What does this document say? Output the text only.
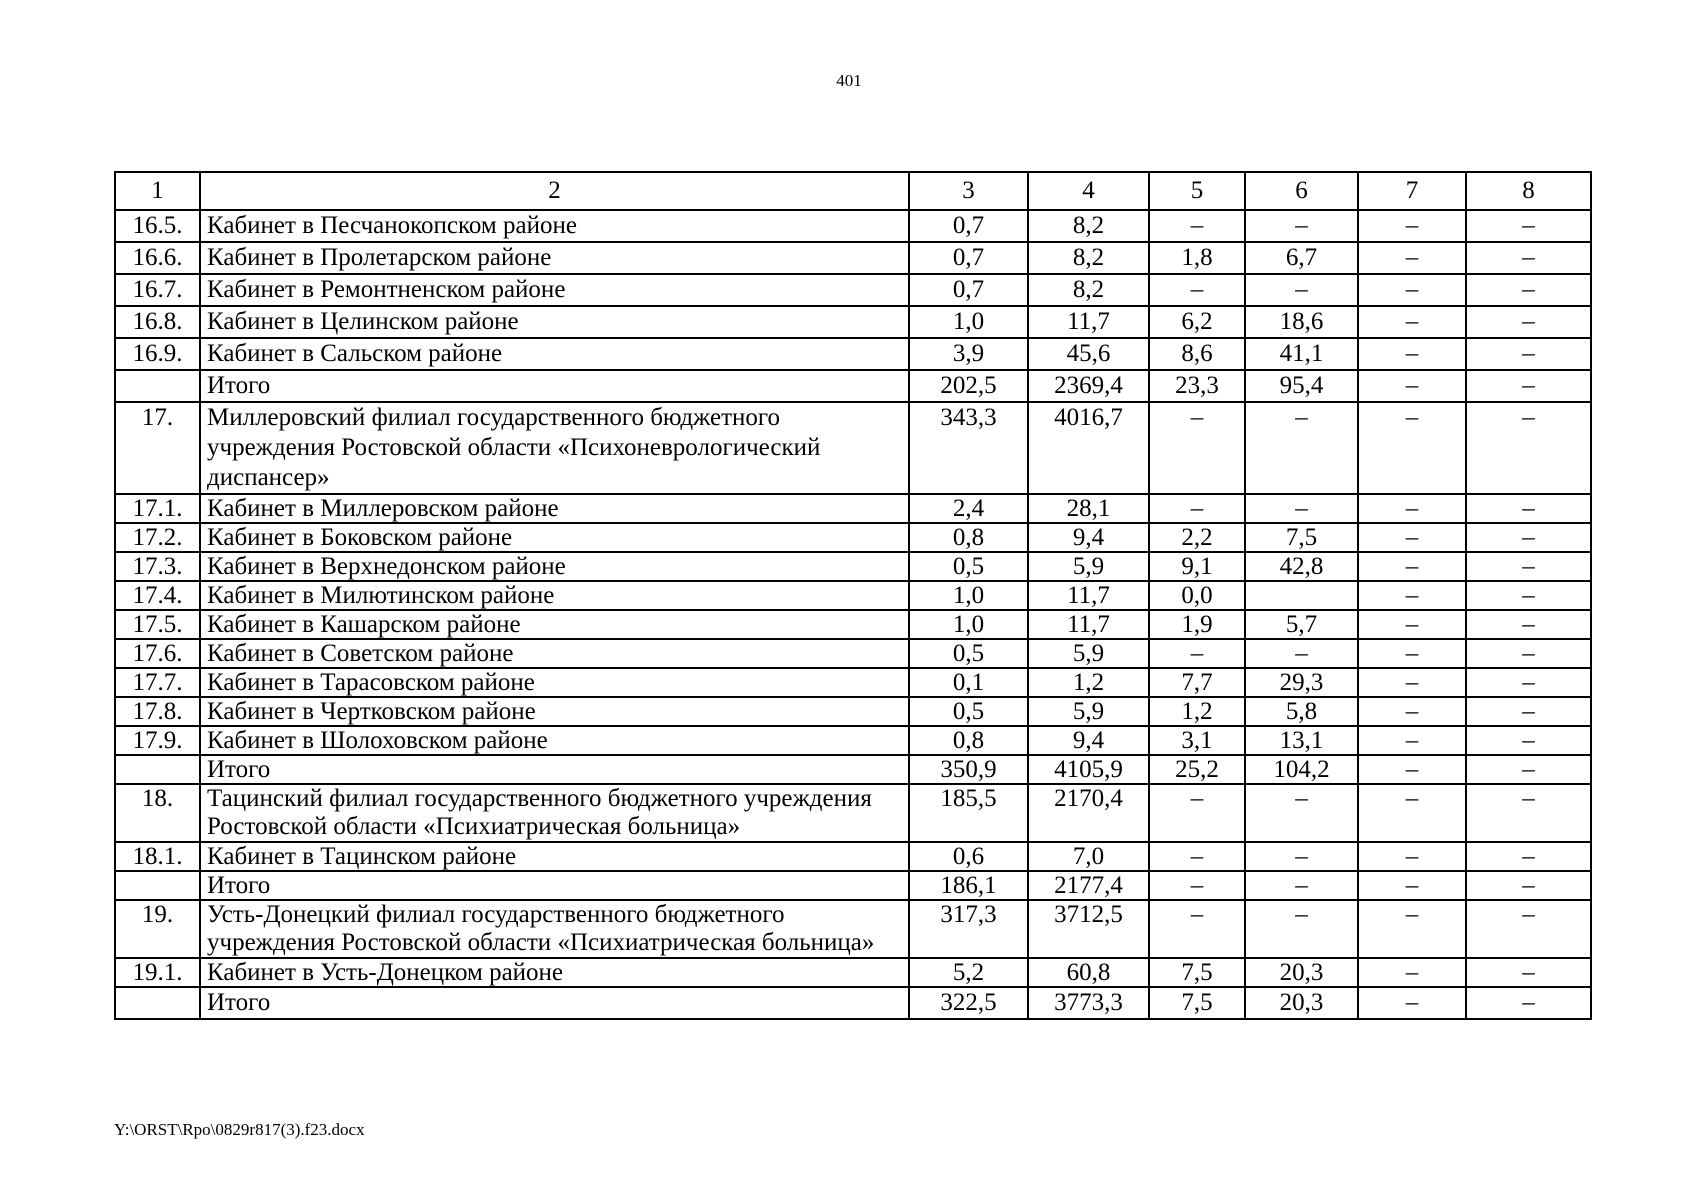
401
1	2	3	4	5	6	7	8
16.5.	Кабинет в Песчанокопском районе	0,7	8,2	–	–	–	–
16.6.	Кабинет в Пролетарском районе	0,7	8,2	1,8	6,7	–	–
16.7.	Кабинет в Ремонтненском районе	0,7	8,2	–	–	–	–
16.8.	Кабинет в Целинском районе	1,0	11,7	6,2	18,6	–	–
16.9.	Кабинет в Сальском районе	3,9	45,6	8,6	41,1	–	–
	Итого	202,5	2369,4	23,3	95,4	–	–
17.	Миллеровский филиал государственного бюджетного учреждения Ростовской области «Психоневрологический диспансер»	343,3	4016,7	–	–	–	–
17.1.	Кабинет в Миллеровском районе	2,4	28,1	–	–	–	–
17.2.	Кабинет в Боковском районе	0,8	9,4	2,2	7,5	–	–
17.3.	Кабинет в Верхнедонском районе	0,5	5,9	9,1	42,8	–	–
17.4.	Кабинет в Милютинском районе	1,0	11,7	0,0		–	–
17.5.	Кабинет в Кашарском районе	1,0	11,7	1,9	5,7	–	–
17.6.	Кабинет в Советском районе	0,5	5,9	–	–	–	–
17.7.	Кабинет в Тарасовском районе	0,1	1,2	7,7	29,3	–	–
17.8.	Кабинет в Чертковском районе	0,5	5,9	1,2	5,8	–	–
17.9.	Кабинет в Шолоховском районе	0,8	9,4	3,1	13,1	–	–
	Итого	350,9	4105,9	25,2	104,2	–	–
18.	Тацинский филиал государственного бюджетного учреждения Ростовской области «Психиатрическая больница»	185,5	2170,4	–	–	–	–
18.1.	Кабинет в Тацинском районе	0,6	7,0	–	–	–	–
	Итого	186,1	2177,4	–	–	–	–
19.	Усть-Донецкий филиал государственного бюджетного учреждения Ростовской области «Психиатрическая больница»	317,3	3712,5	–	–	–	–
19.1.	Кабинет в Усть-Донецком районе	5,2	60,8	7,5	20,3	–	–
	Итого	322,5	3773,3	7,5	20,3	–	–
Y:\ORST\Rpo\0829r817(3).f23.docx
